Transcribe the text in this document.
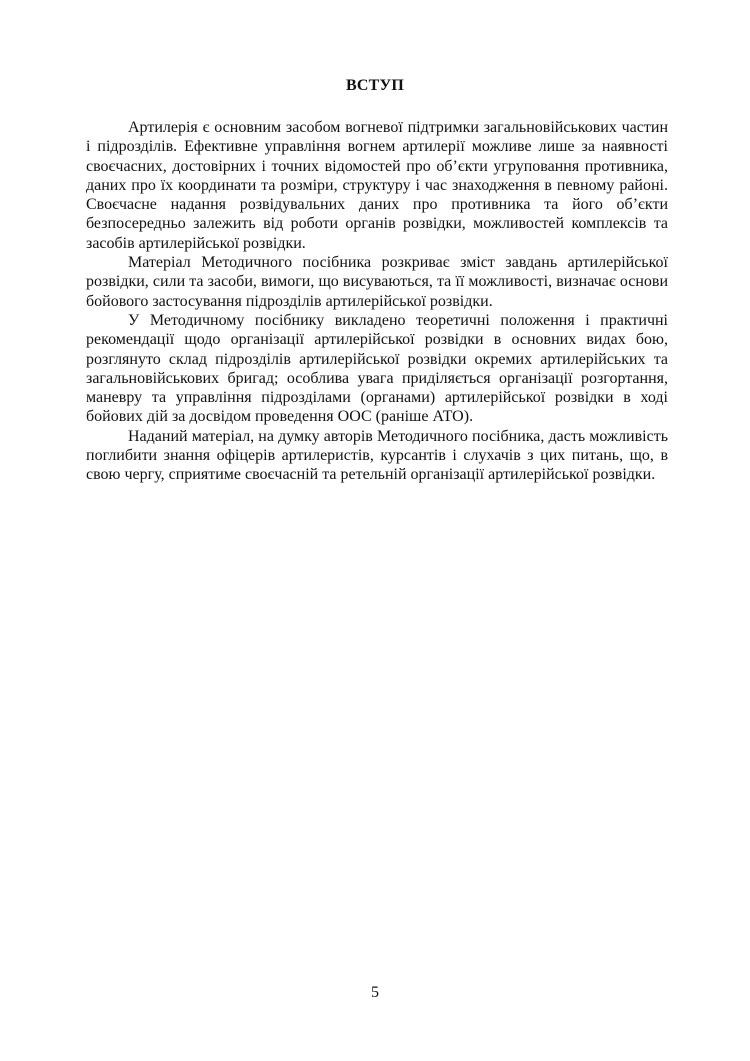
ВСТУП

Артилерія є основним засобом вогневої підтримки загальновійськових частин і підрозділів. Ефективне управління вогнем артилерії можливе лише за наявності своєчасних, достовірних і точних відомостей про об’єкти угруповання противника, даних про їх координати та розміри, структуру і час знаходження в певному районі. Своєчасне надання розвідувальних даних про противника та його об’єкти безпосередньо залежить від роботи органів розвідки, можливостей комплексів та засобів артилерійської розвідки.

Матеріал Методичного посібника розкриває зміст завдань артилерійської розвідки, сили та засоби, вимоги, що висуваються, та її можливості, визначає основи бойового застосування підрозділів артилерійської розвідки.

У Методичному посібнику викладено теоретичні положення і практичні рекомендації щодо організації артилерійської розвідки в основних видах бою, розглянуто склад підрозділів артилерійської розвідки окремих артилерійських та загальновійськових бригад; особлива увага приділяється організації розгортання, маневру та управління підрозділами (органами) артилерійської розвідки в ході бойових дій за досвідом проведення ООС (раніше АТО).

Наданий матеріал, на думку авторів Методичного посібника, дасть можливість поглибити знання офіцерів артилеристів, курсантів і слухачів з цих питань, що, в свою чергу, сприятиме своєчасній та ретельній організації артилерійської розвідки.

5
